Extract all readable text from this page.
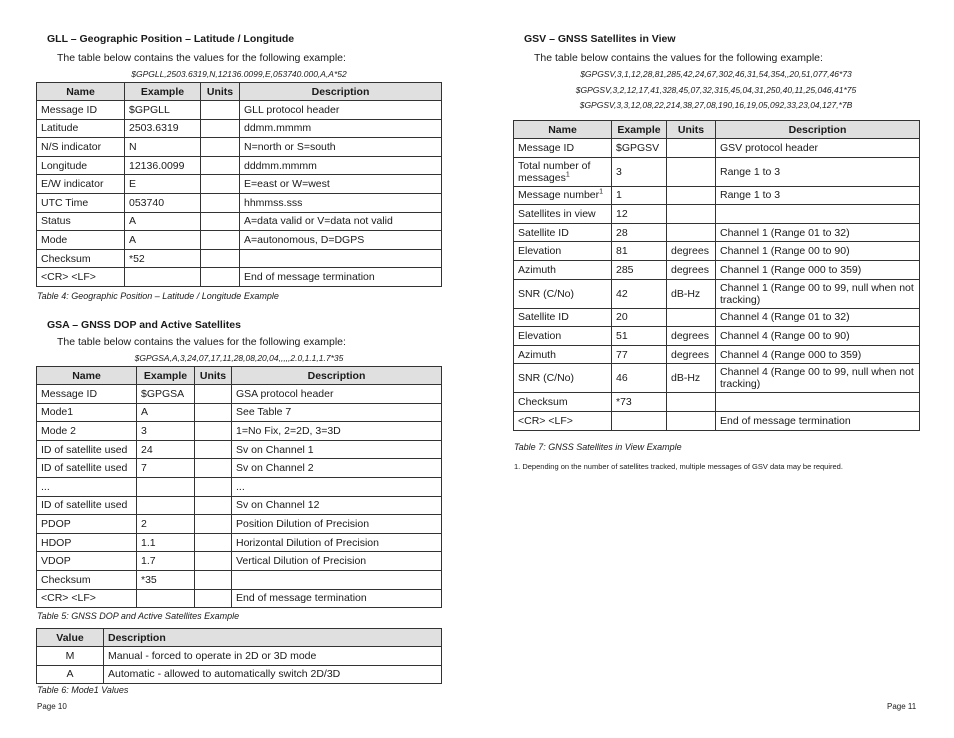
GLL – Geographic Position – Latitude / Longitude
The table below contains the values for the following example:
$GPGLL,2503.6319,N,12136.0099,E,053740.000,A,A*52
Name	Example	Units	Description
Message ID	$GPGLL		GLL protocol header
Latitude	2503.6319		ddmm.mmmm
N/S indicator	N		N=north or S=south
Longitude	12136.0099		dddmm.mmmm
E/W indicator	E		E=east or W=west
UTC Time	053740		hhmmss.sss
Status	A		A=data valid or V=data not valid
Mode	A		A=autonomous, D=DGPS
Checksum	*52		
<CR> <LF>			End of message termination
Table 4: Geographic Position – Latitude / Longitude Example
GSA – GNSS DOP and Active Satellites
The table below contains the values for the following example:
$GPGSA,A,3,24,07,17,11,28,08,20,04,,,,,2.0,1.1,1.7*35
Name	Example	Units	Description
Message ID	$GPGSA		GSA protocol header
Mode1	A		See Table 7
Mode 2	3		1=No Fix, 2=2D, 3=3D
ID of satellite used	24		Sv on Channel 1
ID of satellite used	7		Sv on Channel 2
...			...
ID of satellite used			Sv on Channel 12
PDOP	2		Position Dilution of Precision
HDOP	1.1		Horizontal Dilution of Precision
VDOP	1.7		Vertical Dilution of Precision
Checksum	*35		
<CR> <LF>			End of message termination
Table 5: GNSS DOP and Active Satellites Example
Value	Description
M	Manual - forced to operate in 2D or 3D mode
A	Automatic - allowed to automatically switch 2D/3D
Table 6: Mode1 Values
Page 10
GSV – GNSS Satellites in View
The table below contains the values for the following example:
$GPGSV,3,1,12,28,81,285,42,24,67,302,46,31,54,354,,20,51,077,46*73
$GPGSV,3,2,12,17,41,328,45,07,32,315,45,04,31,250,40,11,25,046,41*75
$GPGSV,3,3,12,08,22,214,38,27,08,190,16,19,05,092,33,23,04,127,*7B
Name	Example	Units	Description
Message ID	$GPGSV		GSV protocol header
Total number of messages$^1$	3		Range 1 to 3
Message number$^1$	1		Range 1 to 3
Satellites in view	12		
Satellite ID	28		Channel 1 (Range 01 to 32)
Elevation	81	degrees	Channel 1 (Range 00 to 90)
Azimuth	285	degrees	Channel 1 (Range 000 to 359)
SNR (C/No)	42	dB-Hz	Channel 1 (Range 00 to 99, null when not tracking)
Satellite ID	20		Channel 4 (Range 01 to 32)
Elevation	51	degrees	Channel 4 (Range 00 to 90)
Azimuth	77	degrees	Channel 4 (Range 000 to 359)
SNR (C/No)	46	dB-Hz	Channel 4 (Range 00 to 99, null when not tracking)
Checksum	*73		
<CR> <LF>			End of message termination
Table 7: GNSS Satellites in View Example
1. Depending on the number of satellites tracked, multiple messages of GSV data may be required.
Page 11
